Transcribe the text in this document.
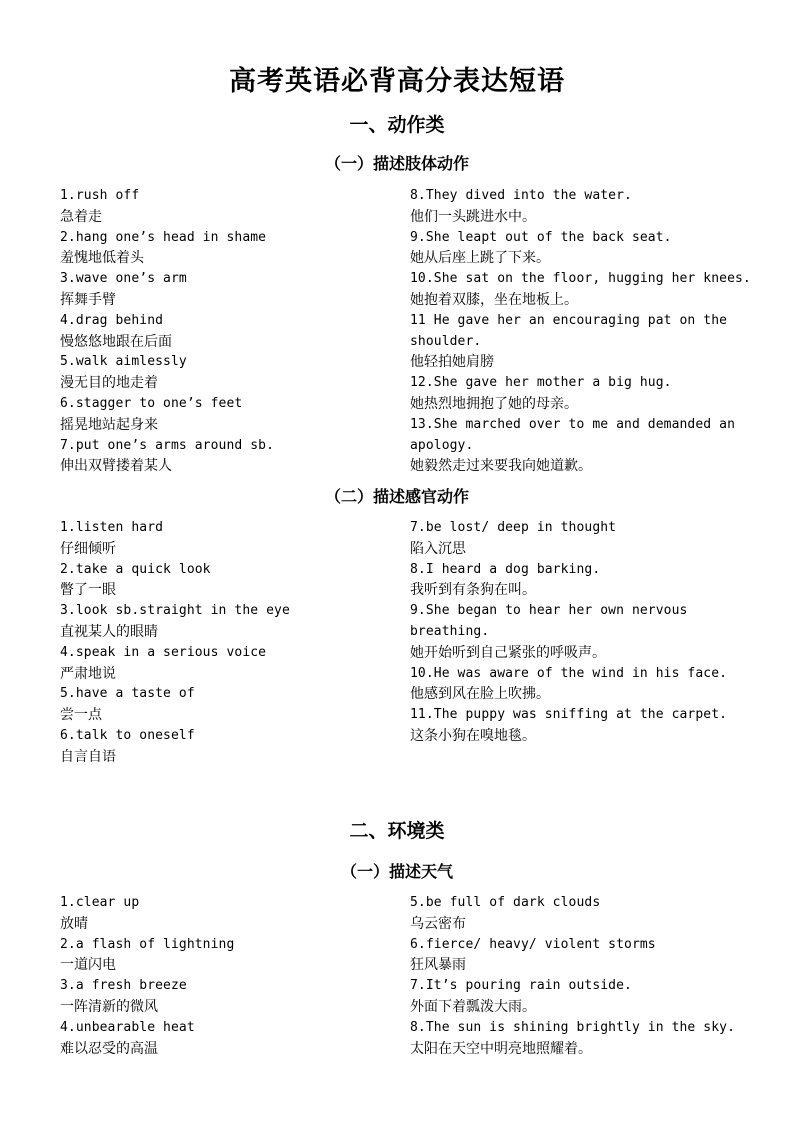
高考英语必背高分表达短语
一、动作类
（一）描述肢体动作
1.rush off
急着走
2.hang one’s head in shame
羞愧地低着头
3.wave one’s arm
挥舞手臂
4.drag behind
慢悠悠地跟在后面
5.walk aimlessly
漫无目的地走着
6.stagger to one’s feet
摇晃地站起身来
7.put one’s arms around sb.
伸出双臂搂着某人
8.They dived into the water.
他们一头跳进水中。
9.She leapt out of the back seat.
她从后座上跳了下来。
10.She sat on the floor, hugging her knees.
她抱着双膝，坐在地板上。
11 He gave her an encouraging pat on the
shoulder.
他轻拍她肩膀
12.She gave her mother a big hug.
她热烈地拥抱了她的母亲。
13.She marched over to me and demanded an
apology.
她毅然走过来要我向她道歉。
（二）描述感官动作
1.listen hard
仔细倾听
2.take a quick look
瞥了一眼
3.look sb.straight in the eye
直视某人的眼睛
4.speak in a serious voice
严肃地说
5.have a taste of
尝一点
6.talk to oneself
自言自语
7.be lost/ deep in thought
陷入沉思
8.I heard a dog barking.
我听到有条狗在叫。
9.She began to hear her own nervous
breathing.
她开始听到自己紧张的呼吸声。
10.He was aware of the wind in his face.
他感到风在脸上吹拂。
11.The puppy was sniffing at the carpet.
这条小狗在嗅地毯。
二、环境类
（一）描述天气
1.clear up
放晴
2.a flash of lightning
一道闪电
3.a fresh breeze
一阵清新的微风
4.unbearable heat
难以忍受的高温
5.be full of dark clouds
乌云密布
6.fierce/ heavy/ violent storms
狂风暴雨
7.It’s pouring rain outside.
外面下着瓢泼大雨。
8.The sun is shining brightly in the sky.
太阳在天空中明亮地照耀着。
